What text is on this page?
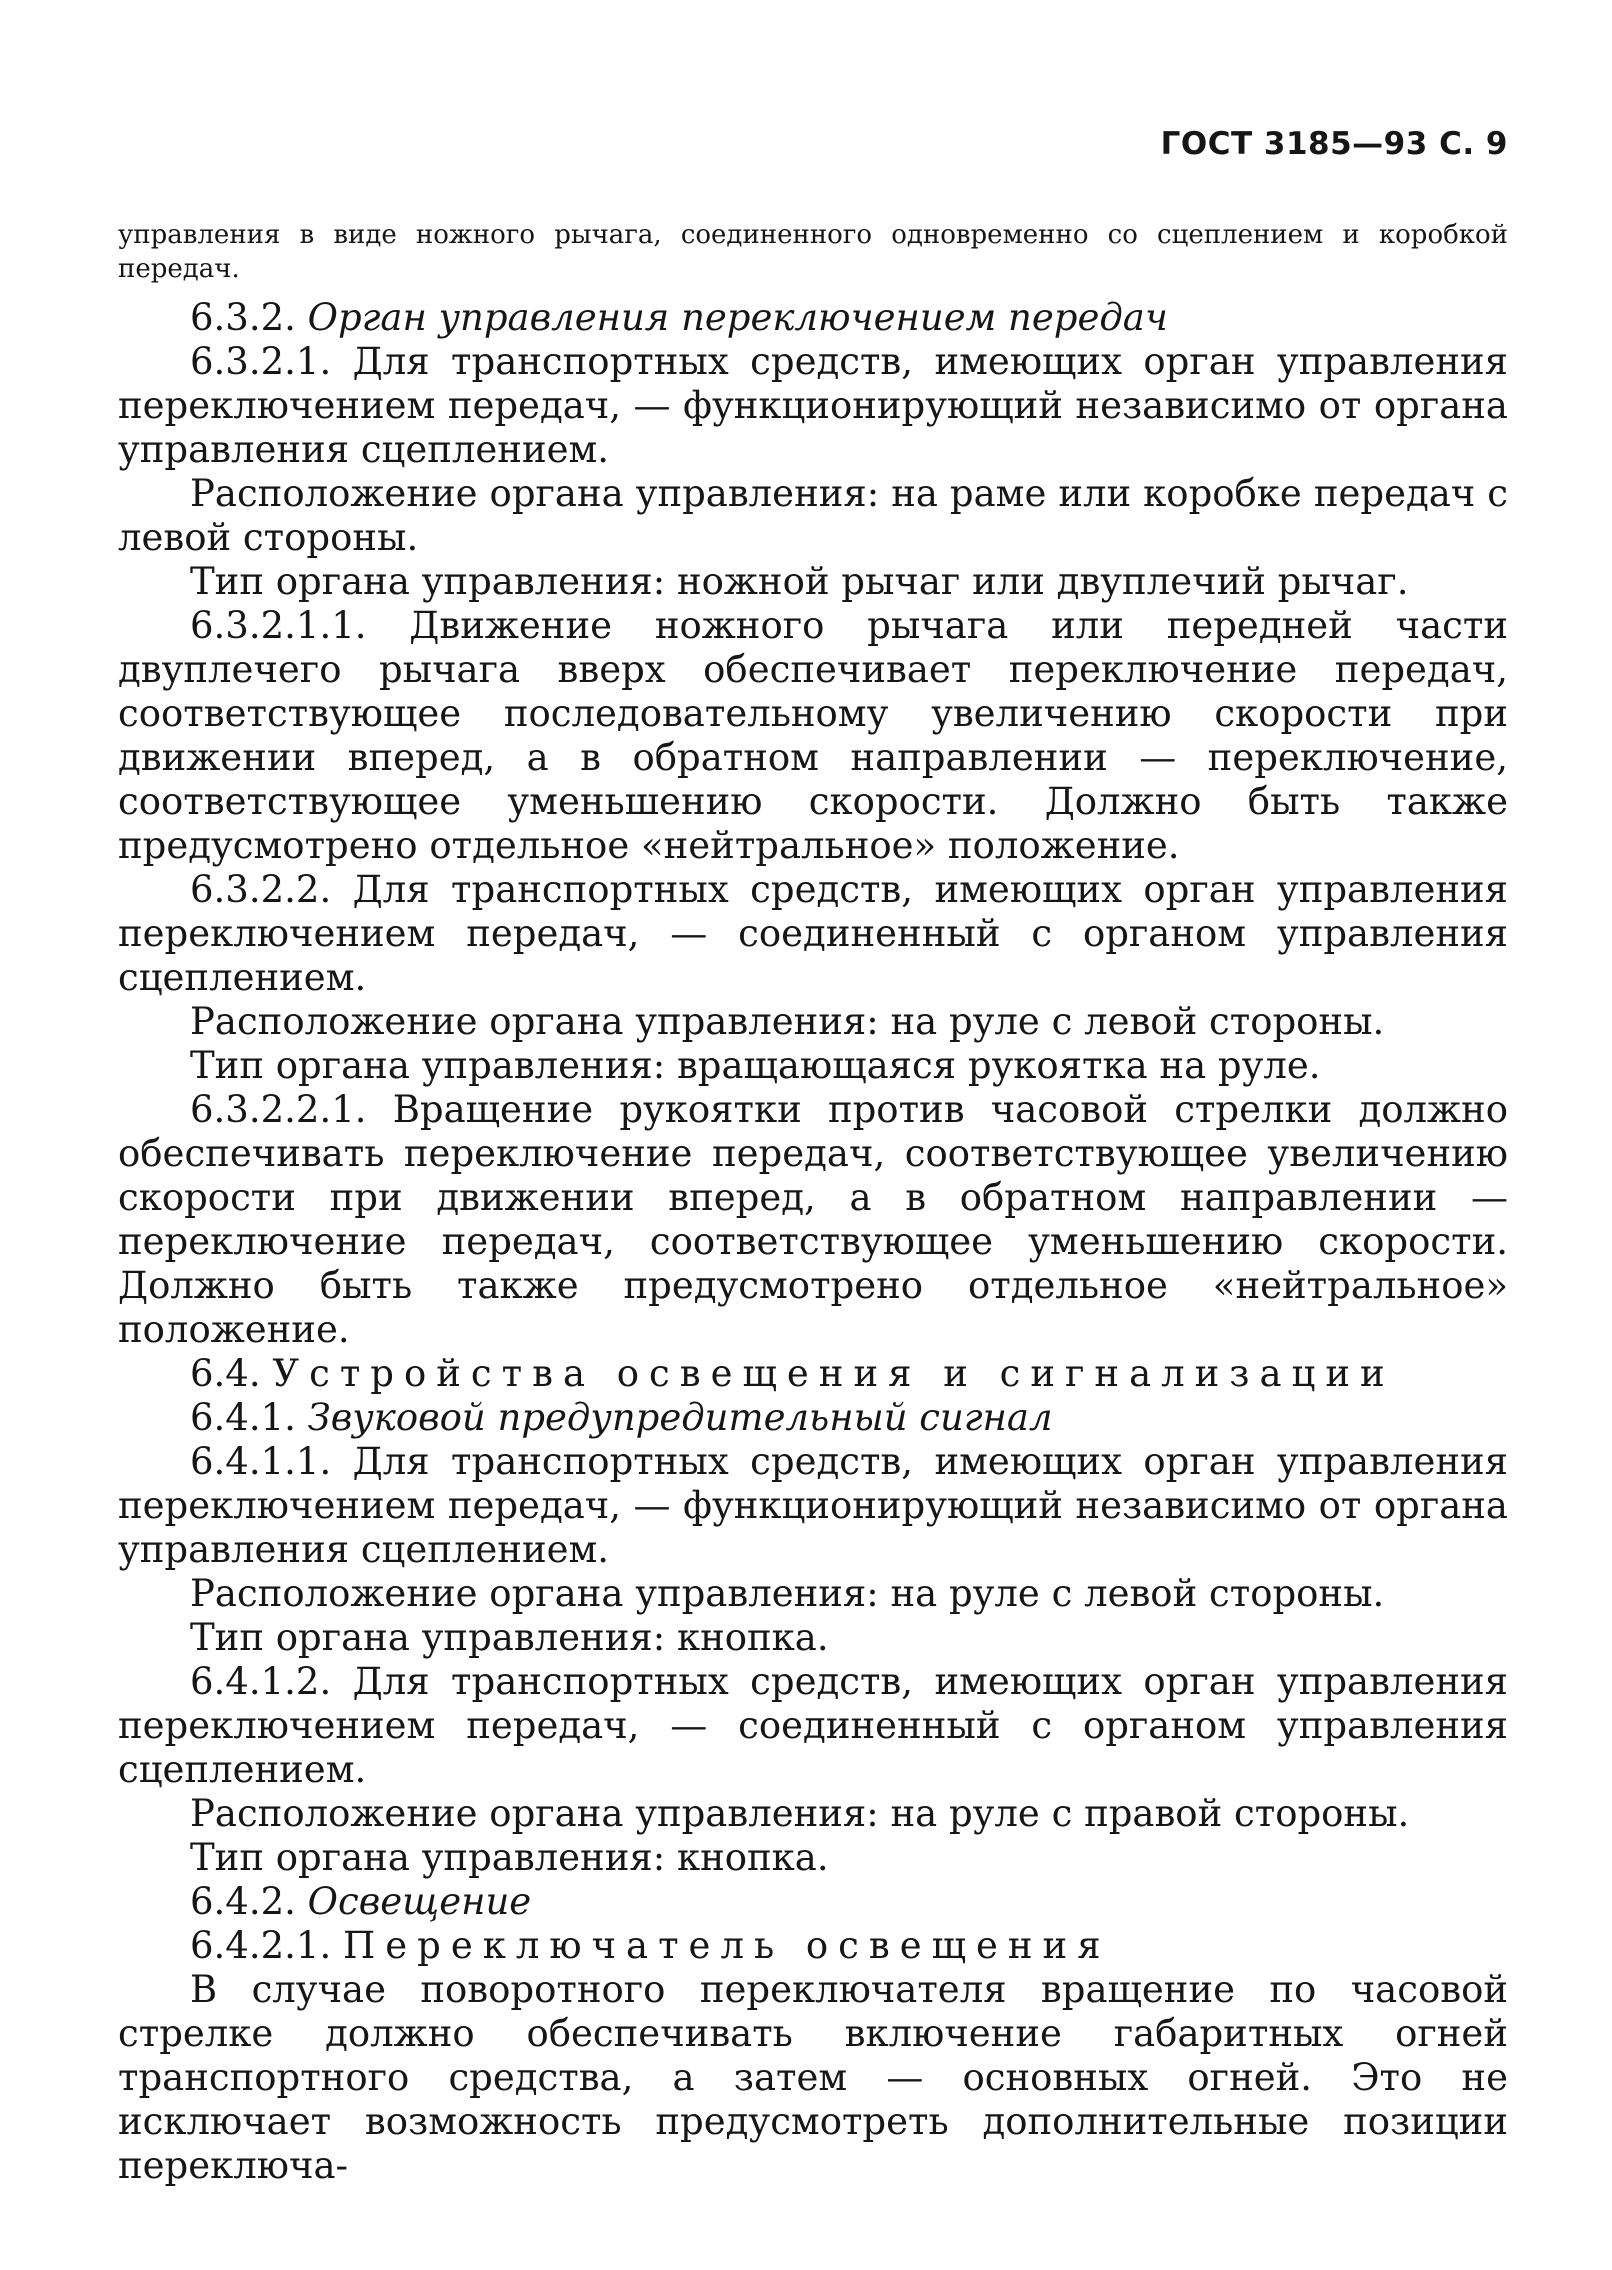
ГОСТ 3185—93 С. 9

управления в виде ножного рычага, соединенного одновременно со сцеплением и коробкой передач.

6.3.2. Орган управления переключением передач

6.3.2.1. Для транспортных средств, имеющих орган управления переключением передач, — функционирующий независимо от органа управления сцеплением.

Расположение органа управления: на раме или коробке передач с левой стороны.

Тип органа управления: ножной рычаг или двуплечий рычаг.

6.3.2.1.1. Движение ножного рычага или передней части двуплечего рычага вверх обеспечивает переключение передач, соответствующее последовательному увеличению скорости при движении вперед, а в обратном направлении — переключение, соответствующее уменьшению скорости. Должно быть также предусмотрено отдельное «нейтральное» положение.

6.3.2.2. Для транспортных средств, имеющих орган управления переключением передач, — соединенный с органом управления сцеплением.

Расположение органа управления: на руле с левой стороны.

Тип органа управления: вращающаяся рукоятка на руле.

6.3.2.2.1. Вращение рукоятки против часовой стрелки должно обеспечивать переключение передач, соответствующее увеличению скорости при движении вперед, а в обратном направлении — переключение передач, соответствующее уменьшению скорости. Должно быть также предусмотрено отдельное «нейтральное» положение.

6.4. Устройства освещения и сигнализации

6.4.1. Звуковой предупредительный сигнал

6.4.1.1. Для транспортных средств, имеющих орган управления переключением передач, — функционирующий независимо от органа управления сцеплением.

Расположение органа управления: на руле с левой стороны.

Тип органа управления: кнопка.

6.4.1.2. Для транспортных средств, имеющих орган управления переключением передач, — соединенный с органом управления сцеплением.

Расположение органа управления: на руле с правой стороны.

Тип органа управления: кнопка.

6.4.2. Освещение

6.4.2.1. Переключатель освещения

В случае поворотного переключателя вращение по часовой стрелке должно обеспечивать включение габаритных огней транспортного средства, а затем — основных огней. Это не исключает возможность предусмотреть дополнительные позиции переключа-
